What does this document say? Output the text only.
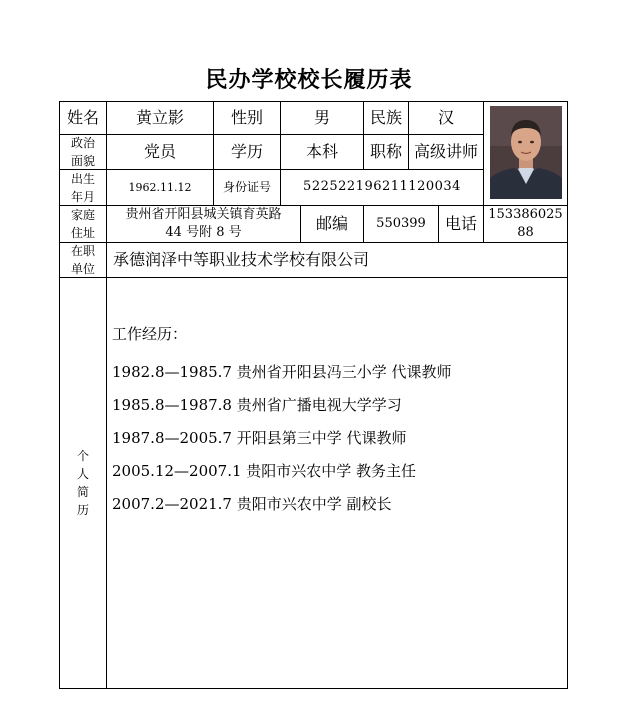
民办学校校长履历表
姓名	黄立影	性别	男	民族	汉
政治
面貌	党员	学历	本科	职称 高级讲师
出生
年月
1962.11.12	身份证号	522522196211120034
家庭
住址
贵州省开阳县城关镇育英路
44 号附 8 号	邮编	550399	电话 153386025
88
在职
单位	承德润泽中等职业技术学校有限公司
个
人
简
历
工作经历：
1982.8—1985.7 贵州省开阳县冯三小学 代课教师
1985.8—1987.8 贵州省广播电视大学学习
1987.8—2005.7 开阳县第三中学 代课教师
2005.12—2007.1 贵阳市兴农中学 教务主任
2007.2—2021.7 贵阳市兴农中学 副校长
